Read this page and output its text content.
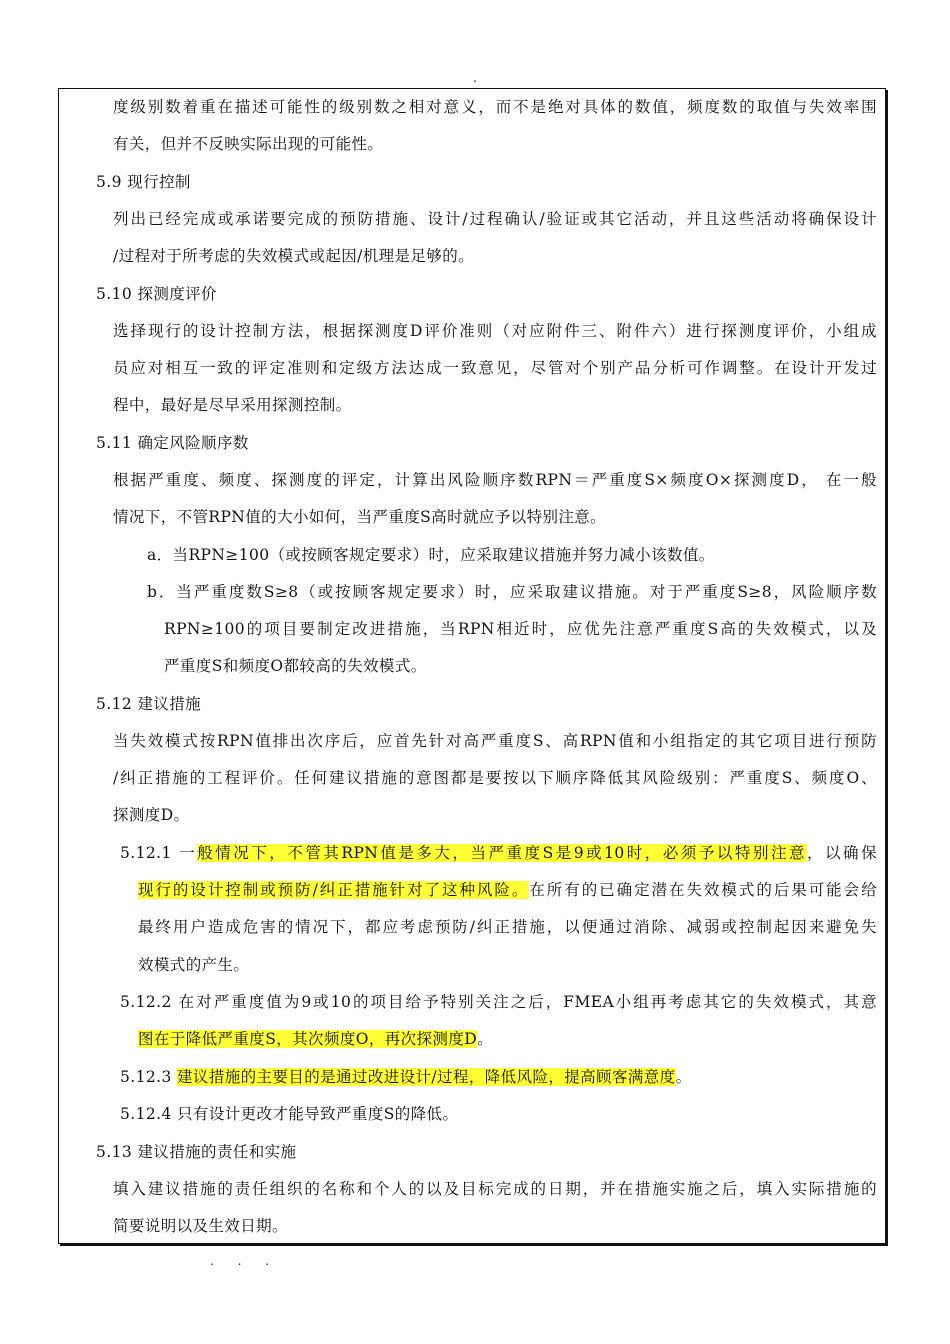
.
度级别数着重在描述可能性的级别数之相对意义，而不是绝对具体的数值，频度数的取值与失效率围
有关，但并不反映实际出现的可能性。
5.9 现行控制
列出已经完成或承诺要完成的预防措施、设计/过程确认/验证或其它活动，并且这些活动将确保设计
/过程对于所考虑的失效模式或起因/机理是足够的。
5.10 探测度评价
选择现行的设计控制方法，根据探测度D评价准则（对应附件三、附件六）进行探测度评价，小组成
员应对相互一致的评定准则和定级方法达成一致意见，尽管对个别产品分析可作调整。在设计开发过
程中，最好是尽早采用探测控制。
5.11 确定风险顺序数
根据严重度、频度、探测度的评定，计算出风险顺序数RPN＝严重度S×频度O×探测度D， 在一般
情况下，不管RPN值的大小如何，当严重度S高时就应予以特别注意。
a．当RPN≥100（或按顾客规定要求）时，应采取建议措施并努力减小该数值。
b．当严重度数S≥8（或按顾客规定要求）时，应采取建议措施。对于严重度S≥8，风险顺序数
RPN≥100的项目要制定改进措施，当RPN相近时，应优先注意严重度S高的失效模式，以及
严重度S和频度O都较高的失效模式。
5.12 建议措施
当失效模式按RPN值排出次序后，应首先针对高严重度S、高RPN值和小组指定的其它项目进行预防
/纠正措施的工程评价。任何建议措施的意图都是要按以下顺序降低其风险级别：严重度S、频度O、
探测度D。
5.12.1 一般情况下，不管其RPN值是多大，当严重度S是9或10时，必须予以特别注意，以确保
现行的设计控制或预防/纠正措施针对了这种风险。在所有的已确定潜在失效模式的后果可能会给
最终用户造成危害的情况下，都应考虑预防/纠正措施，以便通过消除、减弱或控制起因来避免失
效模式的产生。
5.12.2 在对严重度值为9或10的项目给予特别关注之后，FMEA小组再考虑其它的失效模式，其意
图在于降低严重度S，其次频度O，再次探测度D。
5.12.3 建议措施的主要目的是通过改进设计/过程，降低风险，提高顾客满意度。
5.12.4 只有设计更改才能导致严重度S的降低。
5.13 建议措施的责任和实施
填入建议措施的责任组织的名称和个人的以及目标完成的日期，并在措施实施之后，填入实际措施的
简要说明以及生效日期。
. . .
